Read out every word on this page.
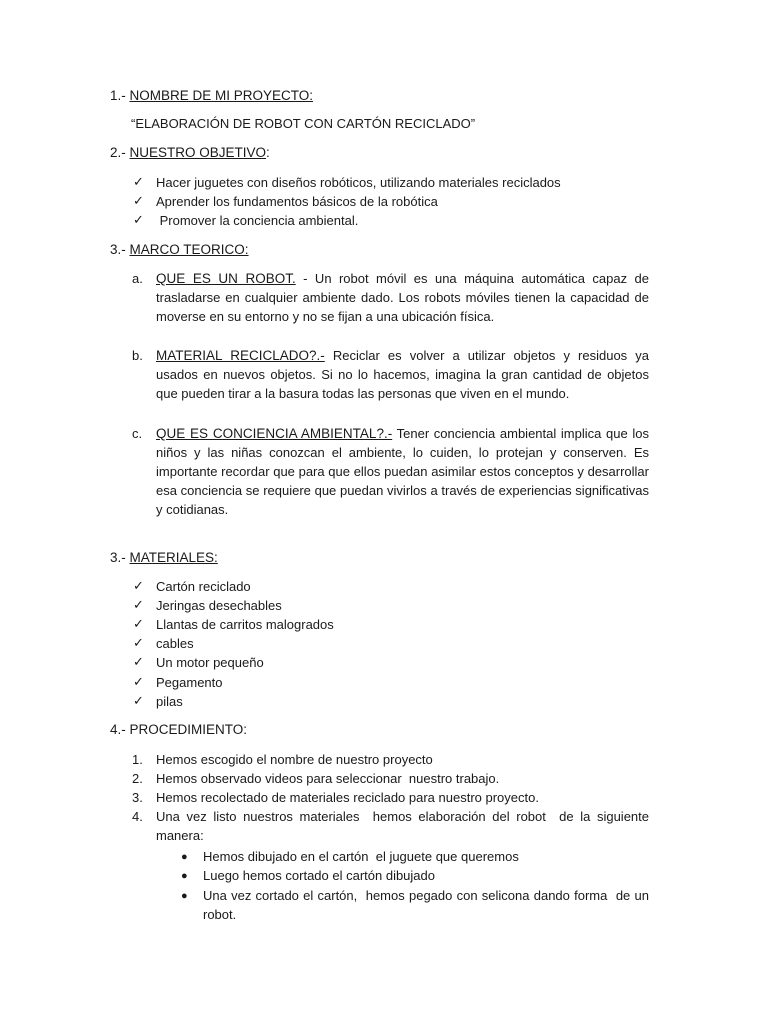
1.- NOMBRE DE MI PROYECTO:
“ELABORACIÓN DE ROBOT CON CARTÓN RECICLADO”
2.- NUESTRO OBJETIVO:
✓ Hacer juguetes con diseños robóticos, utilizando materiales reciclados
✓ Aprender los fundamentos básicos de la robótica
✓ Promover la conciencia ambiental.
3.- MARCO TEORICO:
a. QUE ES UN ROBOT. - Un robot móvil es una máquina automática capaz de trasladarse en cualquier ambiente dado. Los robots móviles tienen la capacidad de moverse en su entorno y no se fijan a una ubicación física.
b. MATERIAL RECICLADO?.- Reciclar es volver a utilizar objetos y residuos ya usados en nuevos objetos. Si no lo hacemos, imagina la gran cantidad de objetos que pueden tirar a la basura todas las personas que viven en el mundo.
c. QUE ES CONCIENCIA AMBIENTAL?.- Tener conciencia ambiental implica que los niños y las niñas conozcan el ambiente, lo cuiden, lo protejan y conserven. Es importante recordar que para que ellos puedan asimilar estos conceptos y desarrollar esa conciencia se requiere que puedan vivirlos a través de experiencias significativas y cotidianas.
3.- MATERIALES:
✓ Cartón reciclado
✓ Jeringas desechables
✓ Llantas de carritos malogrados
✓ cables
✓ Un motor pequeño
✓ Pegamento
✓ pilas
4.- PROCEDIMIENTO:
1. Hemos escogido el nombre de nuestro proyecto
2. Hemos observado videos para seleccionar  nuestro trabajo.
3. Hemos recolectado de materiales reciclado para nuestro proyecto.
4. Una vez listo nuestros materiales  hemos elaboración del robot  de la siguiente manera:
● Hemos dibujado en el cartón  el juguete que queremos
● Luego hemos cortado el cartón dibujado
● Una vez cortado el cartón,  hemos pegado con selicona dando forma  de un robot.
